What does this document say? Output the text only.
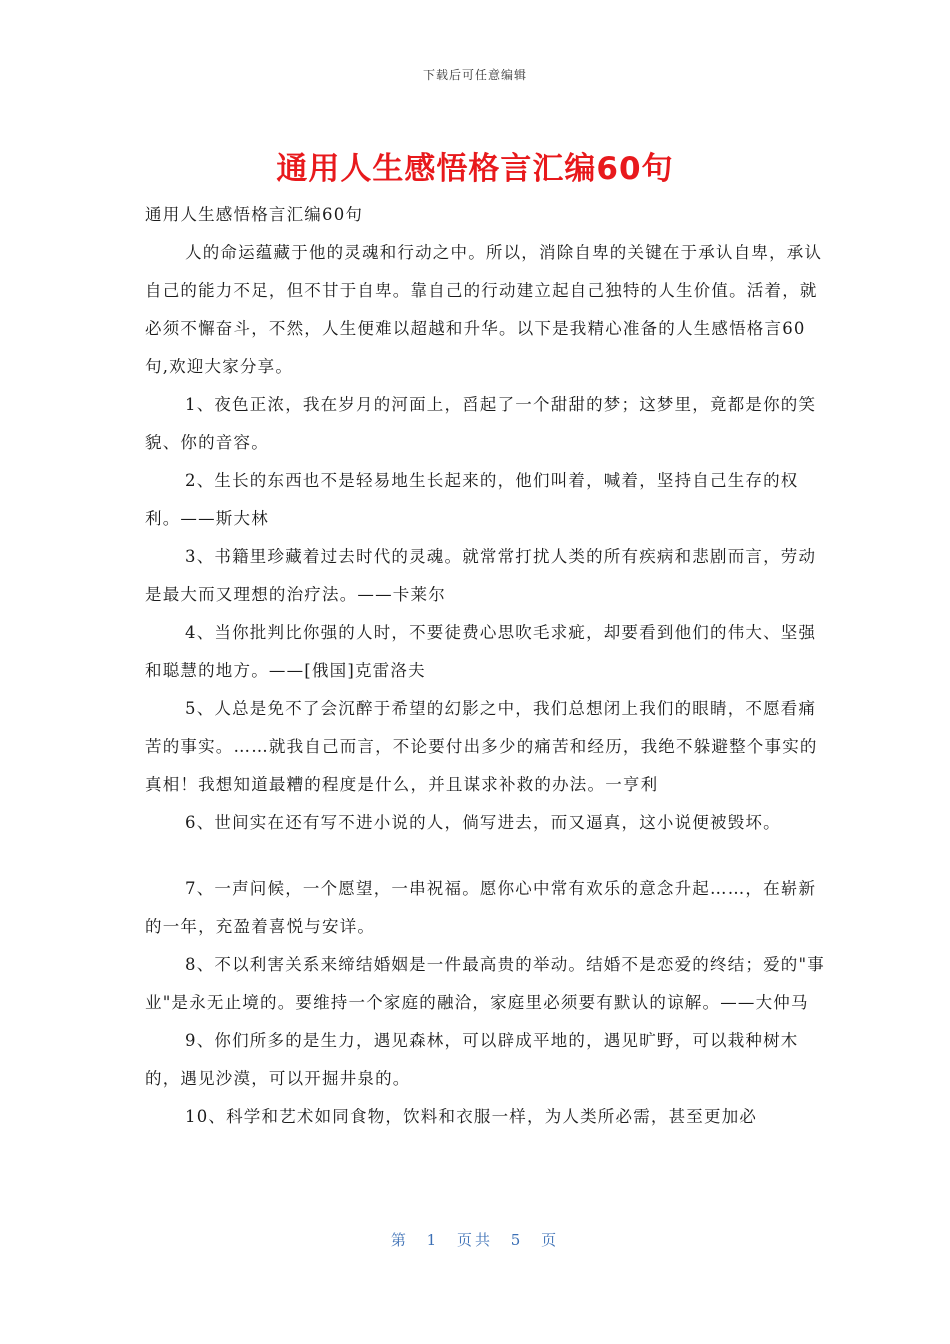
下载后可任意编辑
通用人生感悟格言汇编60句

通用人生感悟格言汇编60句

人的命运蕴藏于他的灵魂和行动之中。所以，消除自卑的关键在于承认自卑，承认自己的能力不足，但不甘于自卑。靠自己的行动建立起自己独特的人生价值。活着，就必须不懈奋斗，不然，人生便难以超越和升华。以下是我精心准备的人生感悟格言60句,欢迎大家分享。

1、夜色正浓，我在岁月的河面上，舀起了一个甜甜的梦；这梦里，竟都是你的笑貌、你的音容。

2、生长的东西也不是轻易地生长起来的，他们叫着，喊着，坚持自己生存的权利。——斯大林

3、书籍里珍藏着过去时代的灵魂。就常常打扰人类的所有疾病和悲剧而言，劳动是最大而又理想的治疗法。——卡莱尔

4、当你批判比你强的人时，不要徒费心思吹毛求疵，却要看到他们的伟大、坚强和聪慧的地方。——[俄国]克雷洛夫

5、人总是免不了会沉醉于希望的幻影之中，我们总想闭上我们的眼睛，不愿看痛苦的事实。……就我自己而言，不论要付出多少的痛苦和经历，我绝不躲避整个事实的真相！我想知道最糟的程度是什么，并且谋求补救的办法。一亨利

6、世间实在还有写不进小说的人，倘写进去，而又逼真，这小说便被毁坏。

7、一声问候，一个愿望，一串祝福。愿你心中常有欢乐的意念升起……，在崭新的一年，充盈着喜悦与安详。

8、不以利害关系来缔结婚姻是一件最高贵的举动。结婚不是恋爱的终结；爱的"事业"是永无止境的。要维持一个家庭的融洽，家庭里必须要有默认的谅解。——大仲马

9、你们所多的是生力，遇见森林，可以辟成平地的，遇见旷野，可以栽种树木的，遇见沙漠，可以开掘井泉的。

10、科学和艺术如同食物，饮料和衣服一样，为人类所必需，甚至更加必

第 1 页共 5 页
